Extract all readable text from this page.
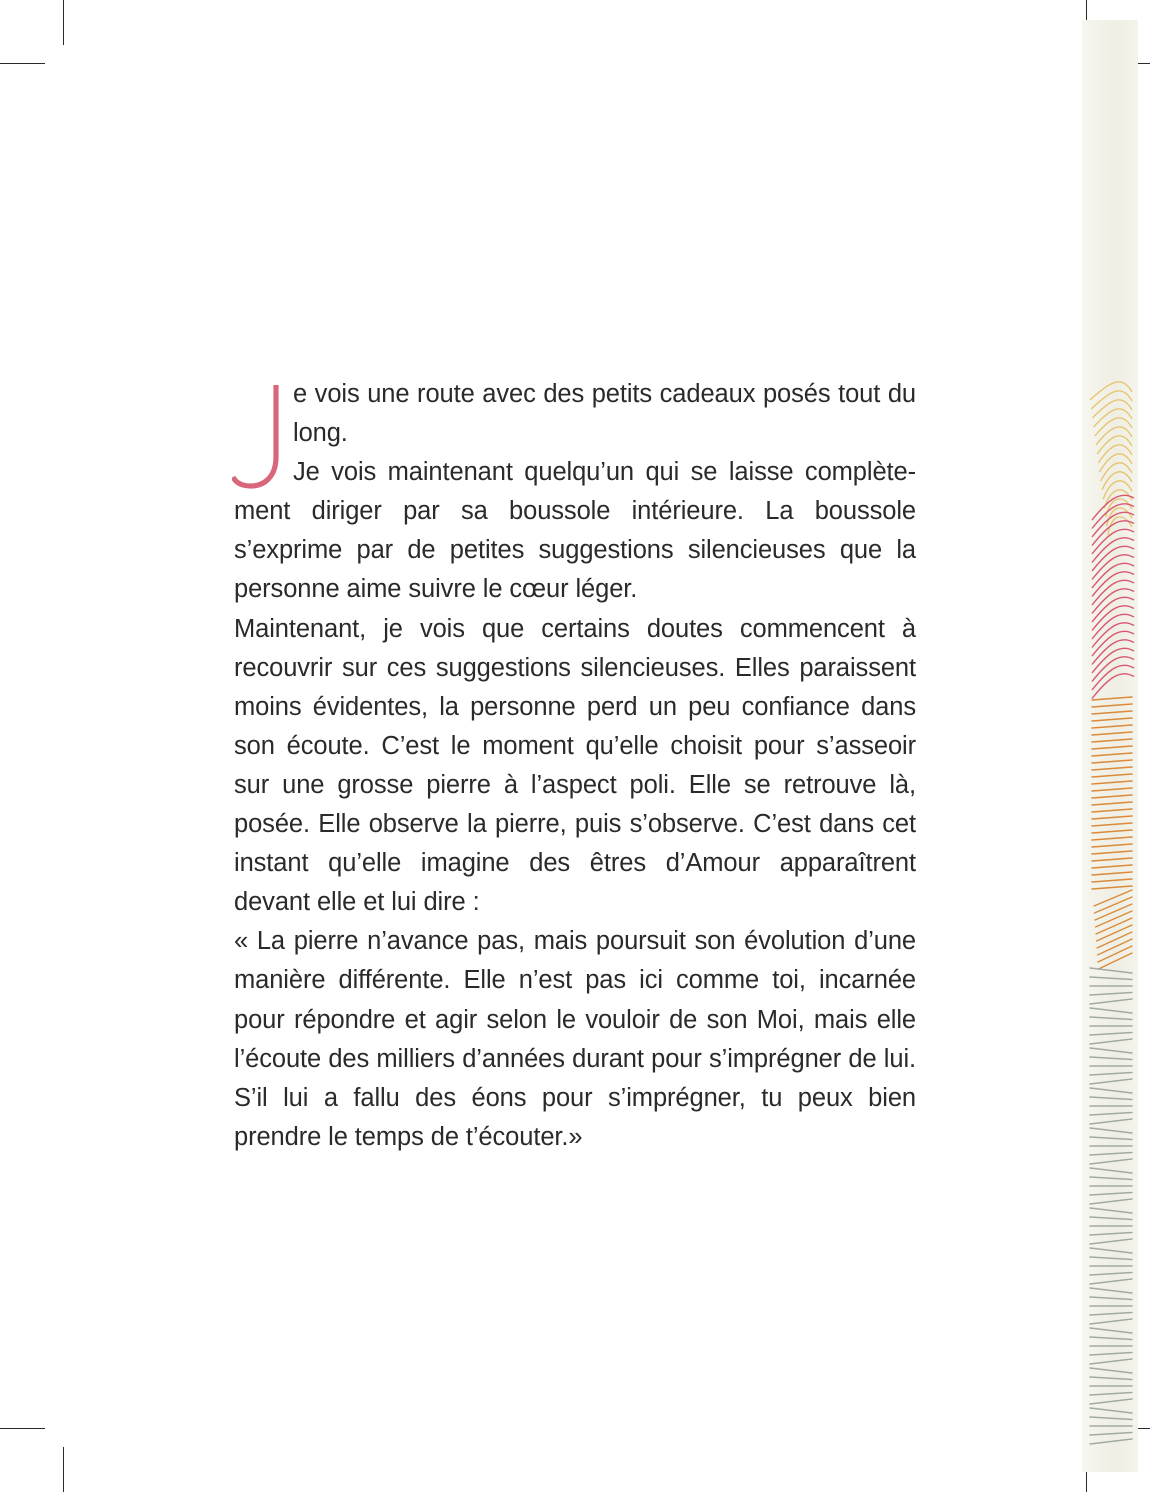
e vois une route avec des petits cadeaux posés tout du long.

Je vois maintenant quelqu’un qui se laisse complète-ment diriger par sa boussole intérieure. La boussole s’exprime par de petites suggestions silencieuses que la personne aime suivre le cœur léger.

Maintenant, je vois que certains doutes commencent à recouvrir sur ces suggestions silencieuses. Elles paraissent moins évidentes, la personne perd un peu confiance dans son écoute. C’est le moment qu’elle choisit pour s’asseoir sur une grosse pierre à l’aspect poli. Elle se retrouve là, posée. Elle observe la pierre, puis s’observe. C’est dans cet instant qu’elle imagine des êtres d’Amour apparaîtrent devant elle et lui dire :

« La pierre n’avance pas, mais poursuit son évolution d’une manière différente. Elle n’est pas ici comme toi, incarnée pour répondre et agir selon le vouloir de son Moi, mais elle l’écoute des milliers d’années durant pour s’imprégner de lui. S’il lui a fallu des éons pour s’imprégner, tu peux bien prendre le temps de t’écouter.»
